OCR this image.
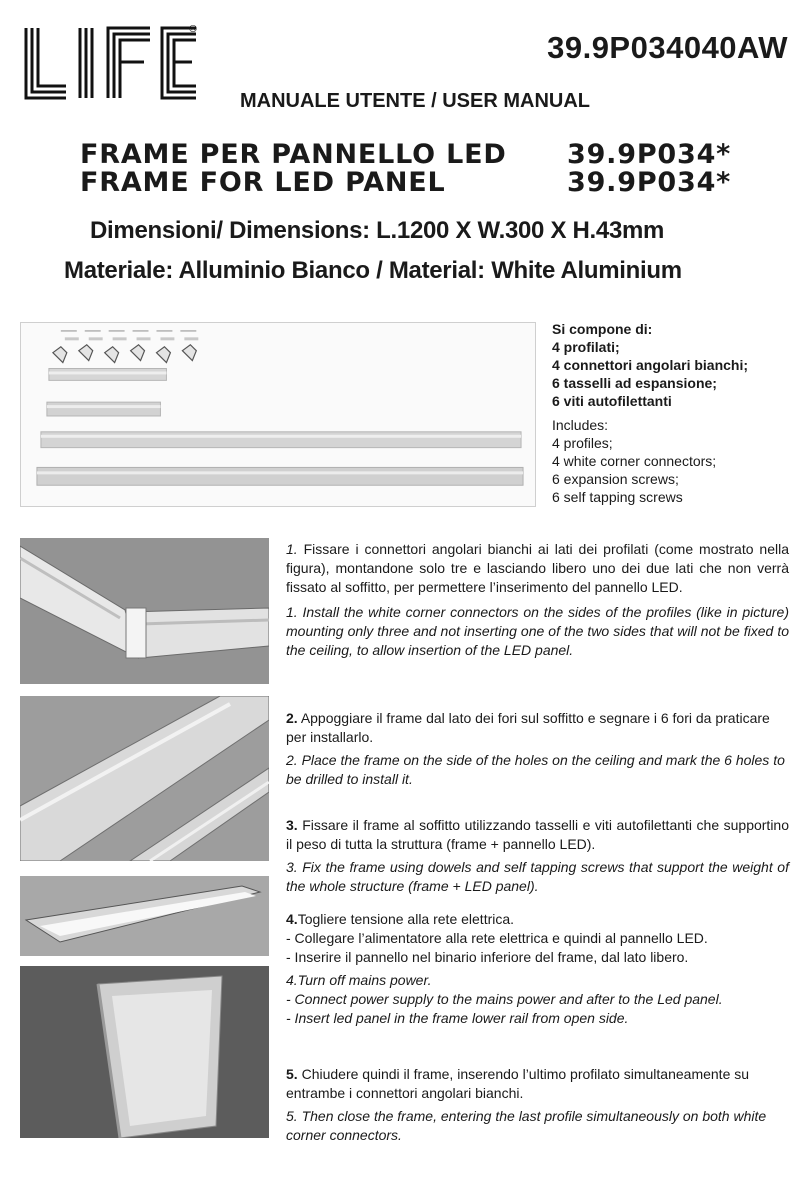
®
39.9P034040AW
MANUALE UTENTE / USER MANUAL
FRAME PER PANNELLO LED 39.9P034*
FRAME FOR LED PANEL	39.9P034*
Dimensioni/ Dimensions: L.1200 X W.300 X H.43mm
Materiale: Alluminio Bianco / Material: White Aluminium
Si compone di:
4 profilati;
4 connettori angolari bianchi;
6 tasselli ad espansione;
6 viti autofilettanti
Includes:
4 profiles;
4 white corner connectors;
6 expansion screws;
6 self tapping screws

1. Fissare i connettori angolari bianchi ai lati dei profilati (come mostrato nella figura), montandone solo tre e lasciando libero uno dei due lati che non verrà fissato al soffitto, per permettere l’inserimento del pannello LED.

1. Install the white corner connectors on the sides of the profiles (like in picture) mounting only three and not inserting one of the two sides that will not be fixed to the ceiling, to allow insertion of the LED panel.

2. Appoggiare il frame dal lato dei fori sul soffitto e segnare i 6 fori da praticare per installarlo.

2. Place the frame on the side of the holes on the ceiling and mark the 6 holes to be drilled to install it.

3. Fissare il frame al soffitto utilizzando tasselli e viti autofilettanti che supportino il peso di tutta la struttura (frame + pannello LED).

3. Fix the frame using dowels and self tapping screws that support the weight of the whole structure (frame + LED panel).

4.Togliere tensione alla rete elettrica.
- Collegare l’alimentatore alla rete elettrica e quindi al pannello LED.
- Inserire il pannello nel binario inferiore del frame, dal lato libero.
4.Turn off mains power.
- Connect power supply to the mains power and after to the Led panel.
- Insert led panel in the frame lower rail from open side.

5. Chiudere quindi il frame, inserendo l’ultimo profilato simultaneamente su entrambe i connettori angolari bianchi.

5. Then close the frame, entering the last profile simultaneously on both white corner connectors.
